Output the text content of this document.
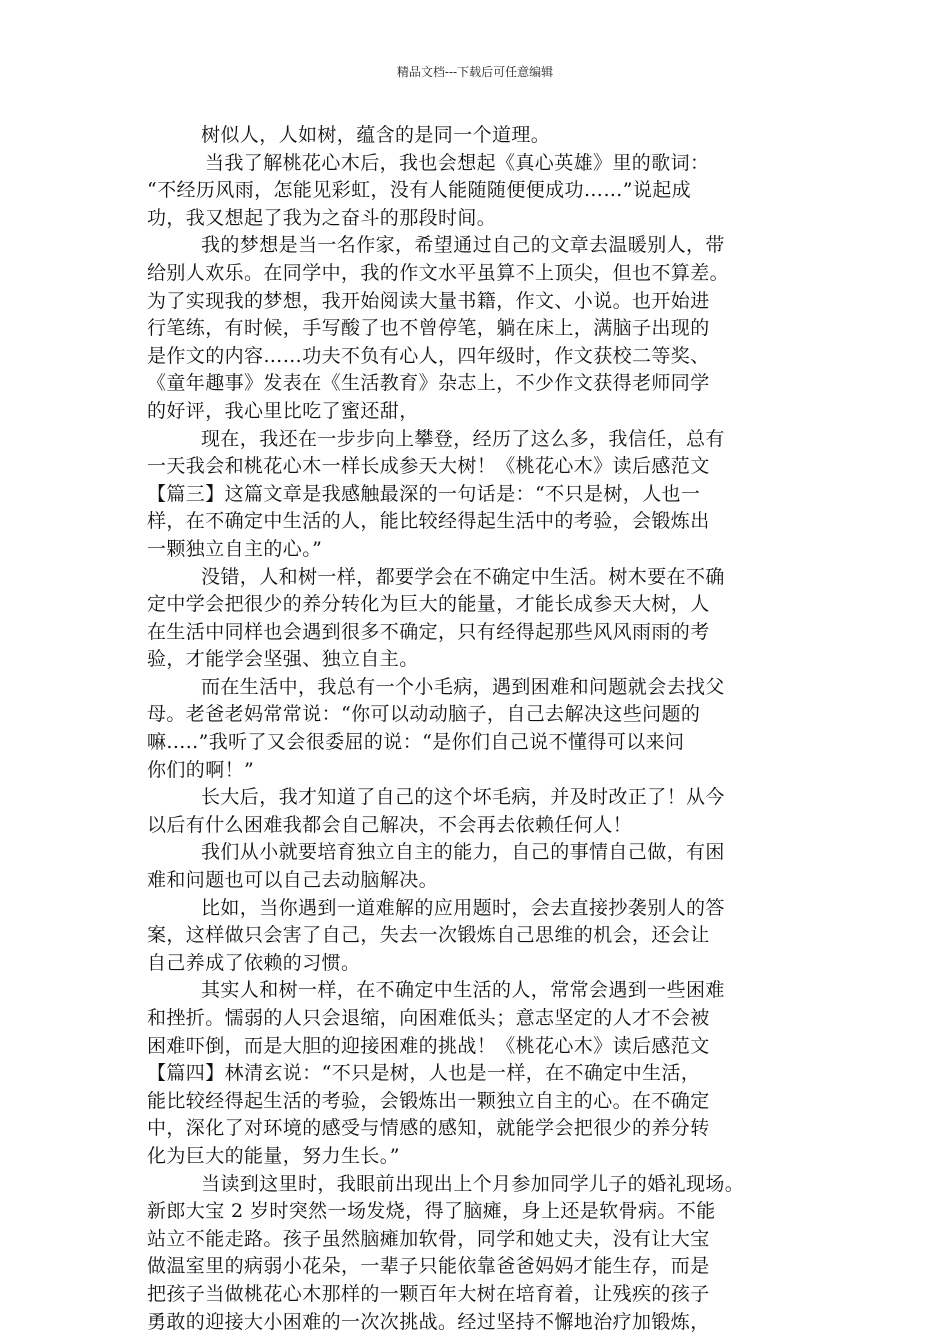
精品文档---下载后可任意编辑
树似人，人如树，蕴含的是同一个道理。
当我了解桃花心木后，我也会想起《真心英雄》里的歌词：
“不经历风雨，怎能见彩虹，没有人能随随便便成功……”说起成
功，我又想起了我为之奋斗的那段时间。
我的梦想是当一名作家，希望通过自己的文章去温暖别人，带
给别人欢乐。在同学中，我的作文水平虽算不上顶尖，但也不算差。
为了实现我的梦想，我开始阅读大量书籍，作文、小说。也开始进
行笔练，有时候，手写酸了也不曾停笔，躺在床上，满脑子出现的
是作文的内容……功夫不负有心人，四年级时，作文获校二等奖、
《童年趣事》发表在《生活教育》杂志上，不少作文获得老师同学
的好评，我心里比吃了蜜还甜，
现在，我还在一步步向上攀登，经历了这么多，我信任，总有
一天我会和桃花心木一样长成参天大树！《桃花心木》读后感范文
【篇三】这篇文章是我感触最深的一句话是：“不只是树，人也一
样，在不确定中生活的人，能比较经得起生活中的考验，会锻炼出
一颗独立自主的心。”
没错，人和树一样，都要学会在不确定中生活。树木要在不确
定中学会把很少的养分转化为巨大的能量，才能长成参天大树，人
在生活中同样也会遇到很多不确定，只有经得起那些风风雨雨的考
验，才能学会坚强、独立自主。
而在生活中，我总有一个小毛病，遇到困难和问题就会去找父
母。老爸老妈常常说：“你可以动动脑子，自己去解决这些问题的
嘛.....”我听了又会很委屈的说：“是你们自己说不懂得可以来问
你们的啊！”
长大后，我才知道了自己的这个坏毛病，并及时改正了！从今
以后有什么困难我都会自己解决，不会再去依赖任何人！
我们从小就要培育独立自主的能力，自己的事情自己做，有困
难和问题也可以自己去动脑解决。
比如，当你遇到一道难解的应用题时，会去直接抄袭别人的答
案，这样做只会害了自己，失去一次锻炼自己思维的机会，还会让
自己养成了依赖的习惯。
其实人和树一样，在不确定中生活的人，常常会遇到一些困难
和挫折。懦弱的人只会退缩，向困难低头；意志坚定的人才不会被
困难吓倒，而是大胆的迎接困难的挑战！《桃花心木》读后感范文
【篇四】林清玄说：“不只是树，人也是一样，在不确定中生活，
能比较经得起生活的考验，会锻炼出一颗独立自主的心。在不确定
中，深化了对环境的感受与情感的感知，就能学会把很少的养分转
化为巨大的能量，努力生长。”
当读到这里时，我眼前出现出上个月参加同学儿子的婚礼现场。
新郎大宝 2 岁时突然一场发烧，得了脑瘫，身上还是软骨病。不能
站立不能走路。孩子虽然脑瘫加软骨，同学和她丈夫，没有让大宝
做温室里的病弱小花朵，一辈子只能依靠爸爸妈妈才能生存，而是
把孩子当做桃花心木那样的一颗百年大树在培育着，让残疾的孩子
勇敢的迎接大小困难的一次次挑战。经过坚持不懈地治疗加锻炼，
